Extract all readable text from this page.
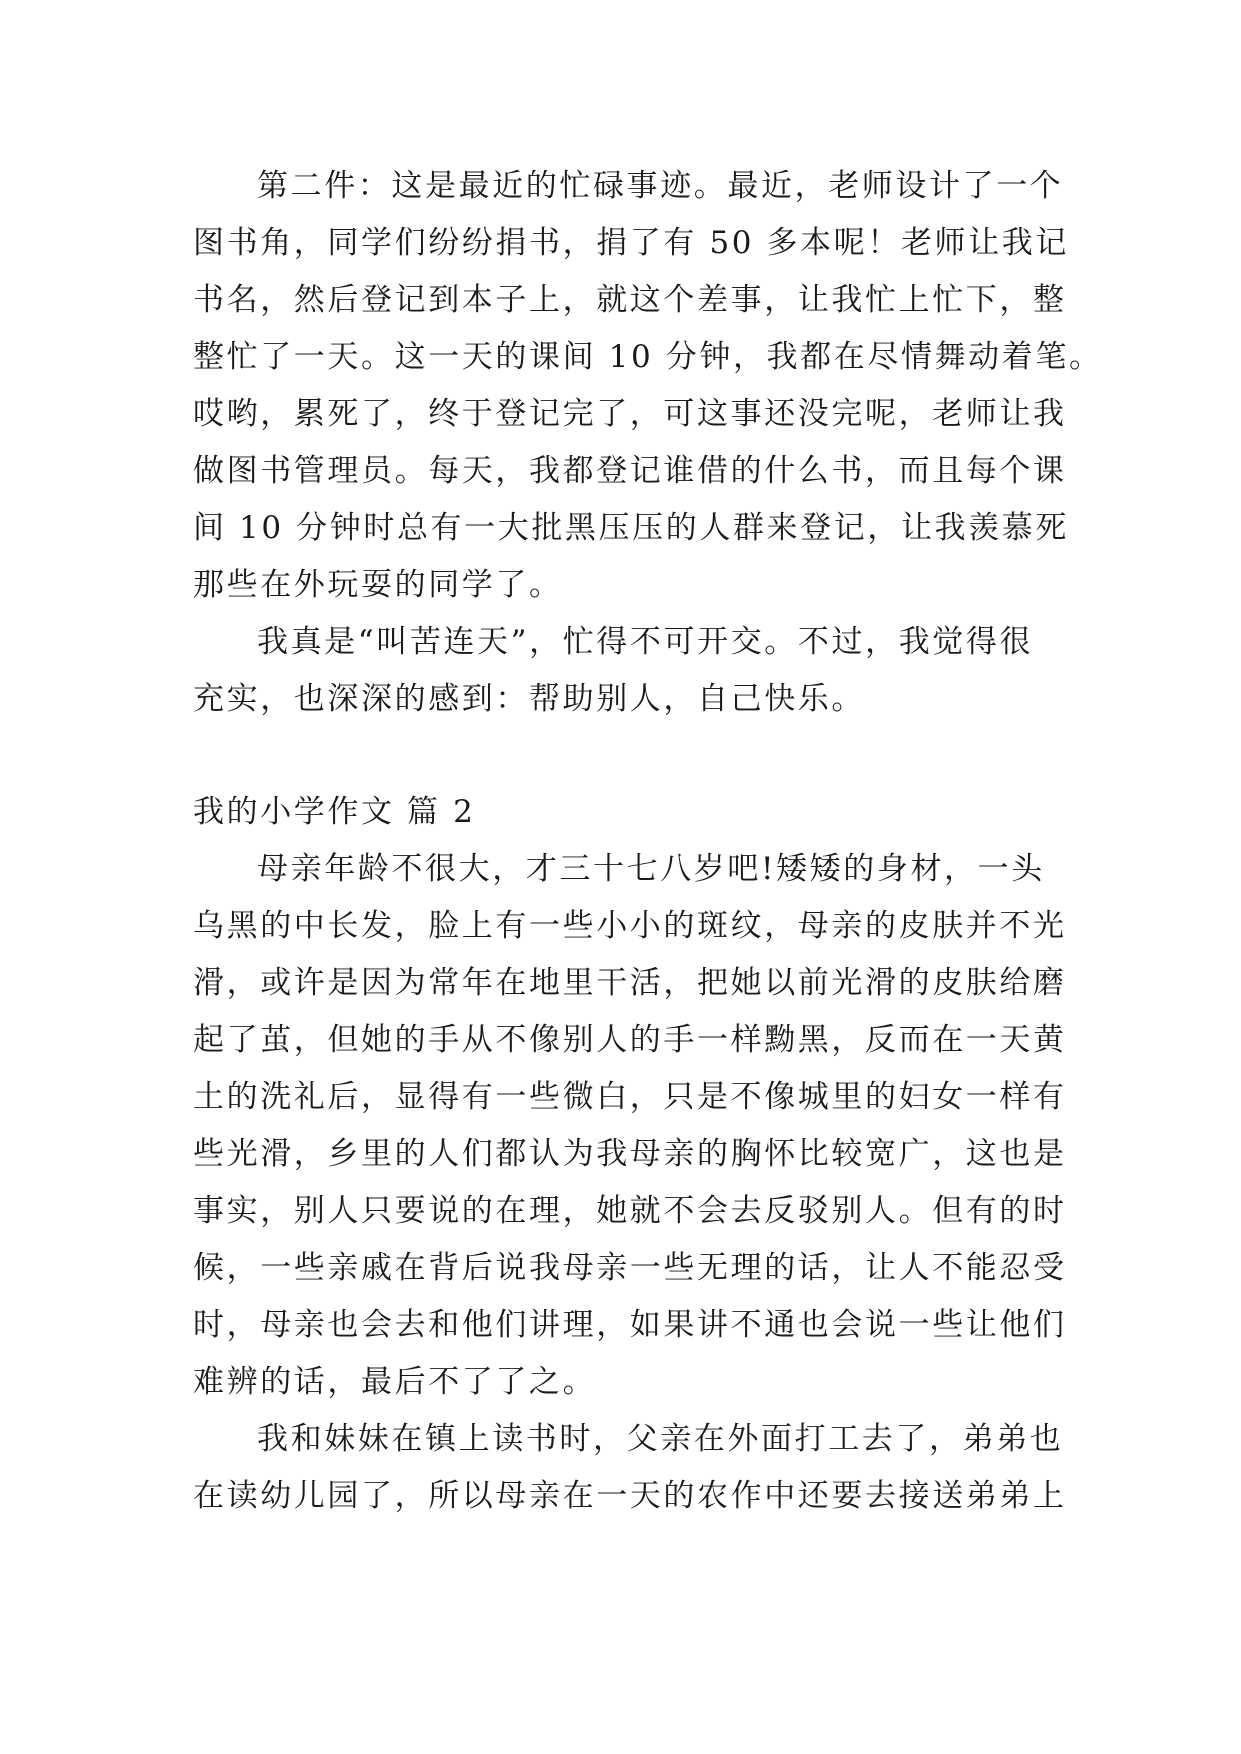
第二件：这是最近的忙碌事迹。最近，老师设计了一个
图书角，同学们纷纷捐书，捐了有 50 多本呢！老师让我记
书名，然后登记到本子上，就这个差事，让我忙上忙下，整
整忙了一天。这一天的课间 10 分钟，我都在尽情舞动着笔。
哎哟，累死了，终于登记完了，可这事还没完呢，老师让我
做图书管理员。每天，我都登记谁借的什么书，而且每个课
间 10 分钟时总有一大批黑压压的人群来登记，让我羡慕死
那些在外玩耍的同学了。
我真是“叫苦连天”，忙得不可开交。不过，我觉得很
充实，也深深的感到：帮助别人，自己快乐。
我的小学作文 篇 2
母亲年龄不很大，才三十七八岁吧!矮矮的身材，一头
乌黑的中长发，脸上有一些小小的斑纹，母亲的皮肤并不光
滑，或许是因为常年在地里干活，把她以前光滑的皮肤给磨
起了茧，但她的手从不像别人的手一样黝黑，反而在一天黄
土的洗礼后，显得有一些微白，只是不像城里的妇女一样有
些光滑，乡里的人们都认为我母亲的胸怀比较宽广，这也是
事实，别人只要说的在理，她就不会去反驳别人。但有的时
候，一些亲戚在背后说我母亲一些无理的话，让人不能忍受
时，母亲也会去和他们讲理，如果讲不通也会说一些让他们
难辨的话，最后不了了之。
我和妹妹在镇上读书时，父亲在外面打工去了，弟弟也
在读幼儿园了，所以母亲在一天的农作中还要去接送弟弟上
